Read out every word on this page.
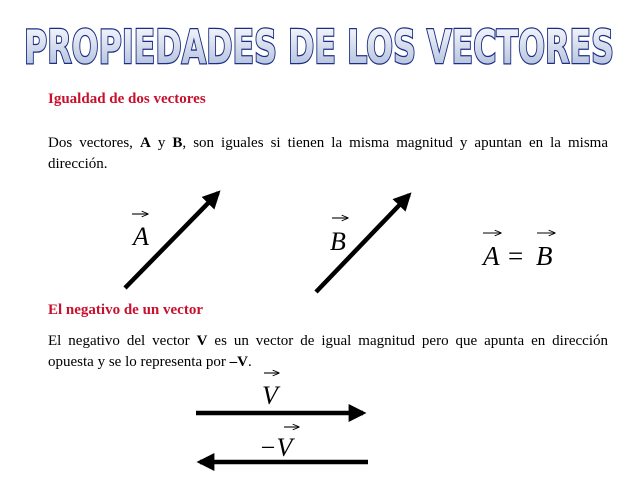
PROPIEDADES DE LOS VECTORES

Igualdad de dos vectores

Dos vectores, A y B, son iguales si tienen la misma magnitud y apuntan en la misma dirección.

El negativo de un vector

El negativo del vector V es un vector de igual magnitud pero que apunta en dirección opuesta y se lo representa por –V.

A	B	A = B
V
−V
